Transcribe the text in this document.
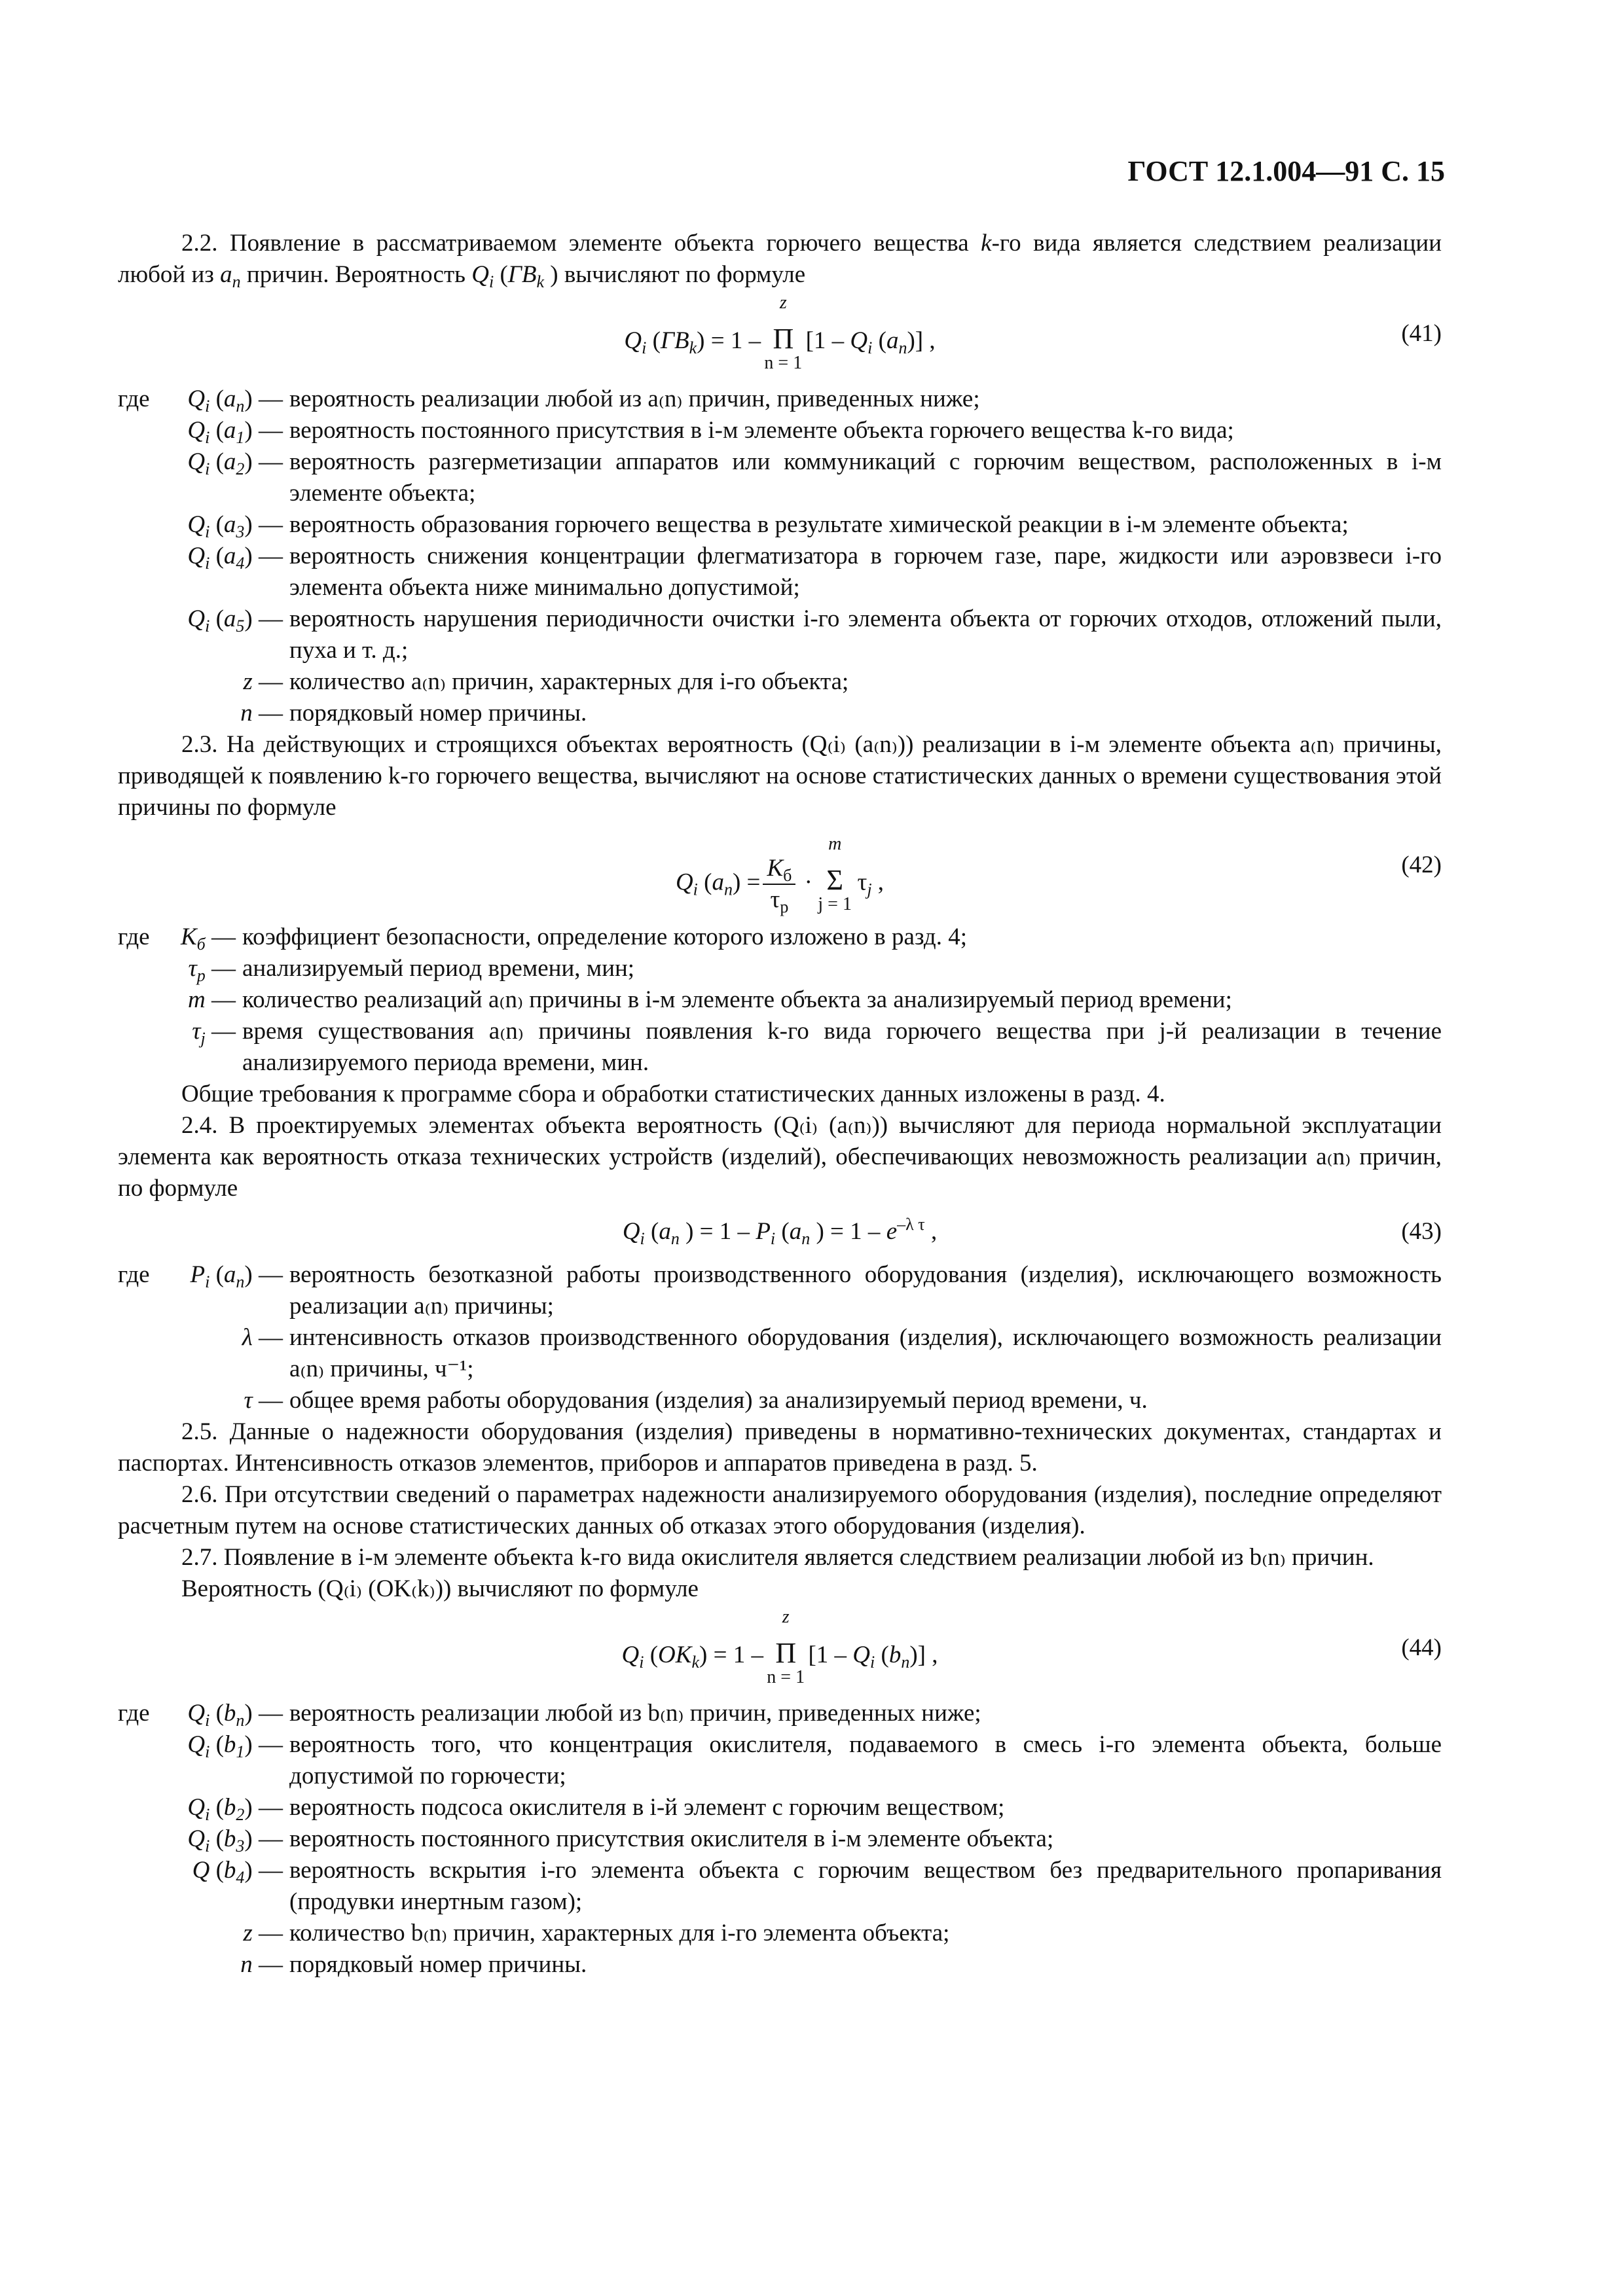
ГОСТ 12.1.004—91 С. 15

2.2. Появление в рассматриваемом элементе объекта горючего вещества k-го вида является следствием реализации любой из $a_n$ причин. Вероятность $Q_i$ ($ГВ_k$ ) вычисляют по формуле

$Q_i$ $(ГВ_k) = 1$ –
z
Π
n = 1
[$1 - Q_i$ $(a_n)$] ,	(41)
где $Q_i$ $(a_n)$ — вероятность реализации любой из a₍n₎ причин, приведенных ниже;
$Q_i$ $(a_1)$ — вероятность постоянного присутствия в i-м элементе объекта горючего вещества k-го вида;
$Q_i$ $(a_2)$ — вероятность разгерметизации аппаратов или коммуникаций с горючим веществом, расположенных в i-м элементе объекта;
$Q_i$ $(a_3)$ — вероятность образования горючего вещества в результате химической реакции в i-м элементе объекта;
$Q_i$ $(a_4)$ — вероятность снижения концентрации флегматизатора в горючем газе, паре, жидкости или аэровзвеси i-го элемента объекта ниже минимально допустимой;
$Q_i$ $(a_5)$ — вероятность нарушения периодичности очистки i-го элемента объекта от горючих отходов, отложений пыли, пуха и т. д.;
z — количество a₍n₎ причин, характерных для i-го объекта;
n — порядковый номер причины.

2.3. На действующих и строящихся объектах вероятность (Q₍i₎ (a₍n₎)) реализации в i-м элементе объекта a₍n₎ причины, приводящей к появлению k-го горючего вещества, вычисляют на основе статистических данных о времени существования этой причины по формуле

$Q_i$ $(a_n) = \frac{K_б}{\tau_р}$ ·
m
Σ
j = 1
$\tau_j$ ,
(42)
где $K_б$ — коэффициент безопасности, определение которого изложено в разд. 4;
$\tau_р$ — анализируемый период времени, мин;
m — количество реализаций a₍n₎ причины в i-м элементе объекта за анализируемый период времени;
$\tau_j$ — время существования a₍n₎ причины появления k-го вида горючего вещества при j-й реализации в течение анализируемого периода времени, мин.

Общие требования к программе сбора и обработки статистических данных изложены в разд. 4.

2.4. В проектируемых элементах объекта вероятность (Q₍i₎ (a₍n₎)) вычисляют для периода нормальной эксплуатации элемента как вероятность отказа технических устройств (изделий), обеспечивающих невозможность реализации a₍n₎ причин, по формуле

$Q_i$ ($a_n$ ) = $1 - P_i$ ($a_n$ ) = $1 - e^{-\lambda \tau}$ ,	(43)
где $P_i$ $(a_n)$ — вероятность безотказной работы производственного оборудования (изделия), исключающего возможность реализации a₍n₎ причины;
λ — интенсивность отказов производственного оборудования (изделия), исключающего возможность реализации a₍n₎ причины, ч⁻¹;
τ — общее время работы оборудования (изделия) за анализируемый период времени, ч.

2.5. Данные о надежности оборудования (изделия) приведены в нормативно-технических документах, стандартах и паспортах. Интенсивность отказов элементов, приборов и аппаратов приведена в разд. 5.

2.6. При отсутствии сведений о параметрах надежности анализируемого оборудования (изделия), последние определяют расчетным путем на основе статистических данных об отказах этого оборудования (изделия).

2.7. Появление в i-м элементе объекта k-го вида окислителя является следствием реализации любой из b₍n₎ причин.

Вероятность (Q₍i₎ (OK₍k₎)) вычисляют по формуле

$Q_i$ $(OK_k) = 1$ –
z
Π
n = 1
[$1 - Q_i$ $(b_n)$] ,	(44)
где $Q_i$ $(b_n)$ — вероятность реализации любой из b₍n₎ причин, приведенных ниже;
$Q_i$ $(b_1)$ — вероятность того, что концентрация окислителя, подаваемого в смесь i-го элемента объекта, больше допустимой по горючести;
$Q_i$ $(b_2)$ — вероятность подсоса окислителя в i-й элемент с горючим веществом;
$Q_i$ $(b_3)$ — вероятность постоянного присутствия окислителя в i-м элементе объекта;
Q $(b_4)$ — вероятность вскрытия i-го элемента объекта с горючим веществом без предварительного пропаривания (продувки инертным газом);
z — количество b₍n₎ причин, характерных для i-го элемента объекта;
n — порядковый номер причины.
